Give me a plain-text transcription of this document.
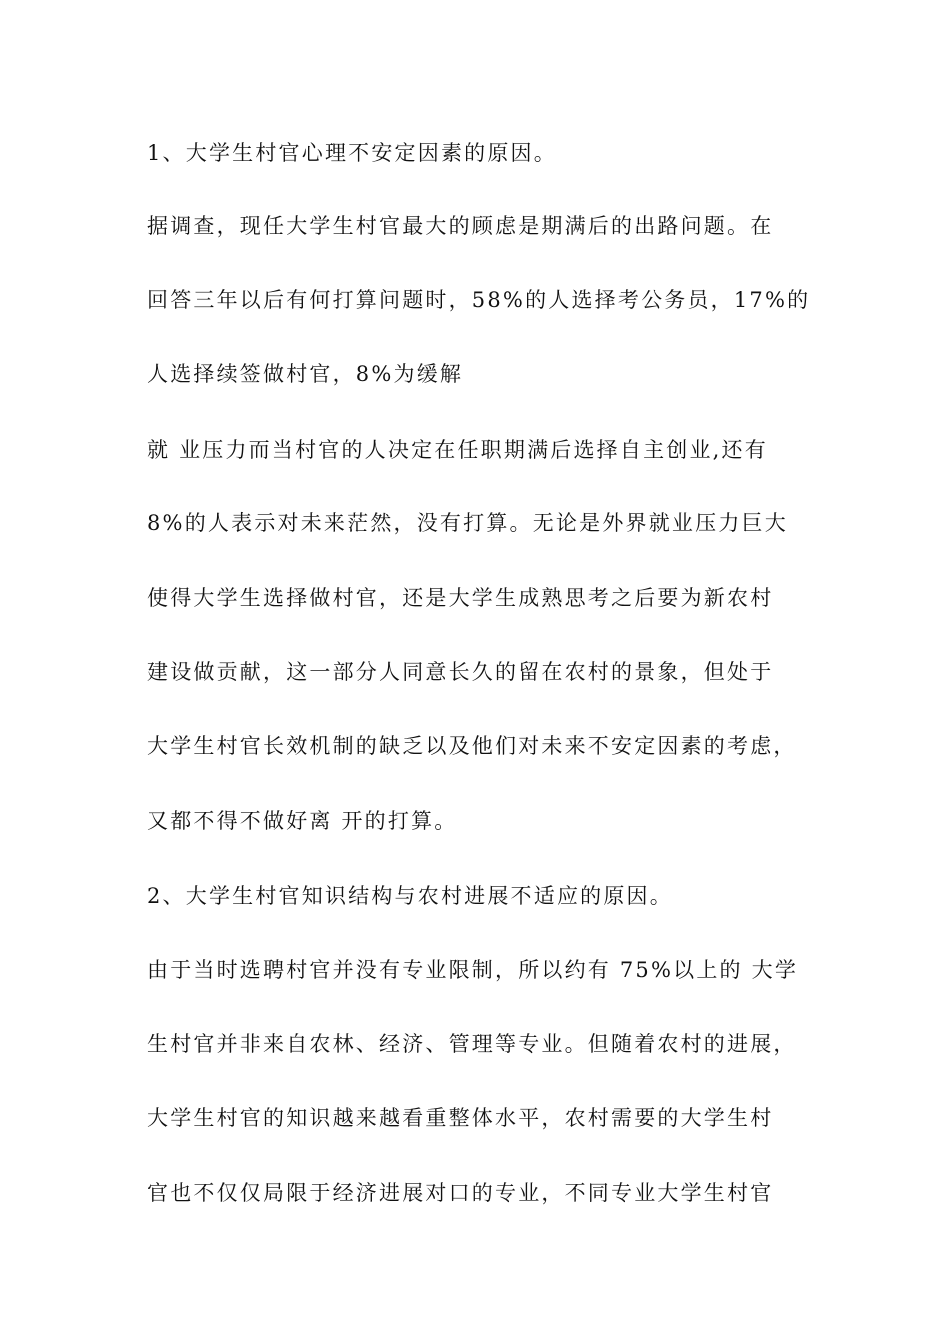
1、大学生村官心理不安定因素的原因。
据调查，现任大学生村官最大的顾虑是期满后的出路问题。在
回答三年以后有何打算问题时，58%的人选择考公务员，17%的
人选择续签做村官，8%为缓解
就 业压力而当村官的人决定在任职期满后选择自主创业,还有
8%的人表示对未来茫然，没有打算。无论是外界就业压力巨大
使得大学生选择做村官，还是大学生成熟思考之后要为新农村
建设做贡献，这一部分人同意长久的留在农村的景象，但处于
大学生村官长效机制的缺乏以及他们对未来不安定因素的考虑，
又都不得不做好离 开的打算。
2、大学生村官知识结构与农村进展不适应的原因。
由于当时选聘村官并没有专业限制，所以约有 75%以上的 大学
生村官并非来自农林、经济、管理等专业。但随着农村的进展，
大学生村官的知识越来越看重整体水平，农村需要的大学生村
官也不仅仅局限于经济进展对口的专业，不同专业大学生村官
